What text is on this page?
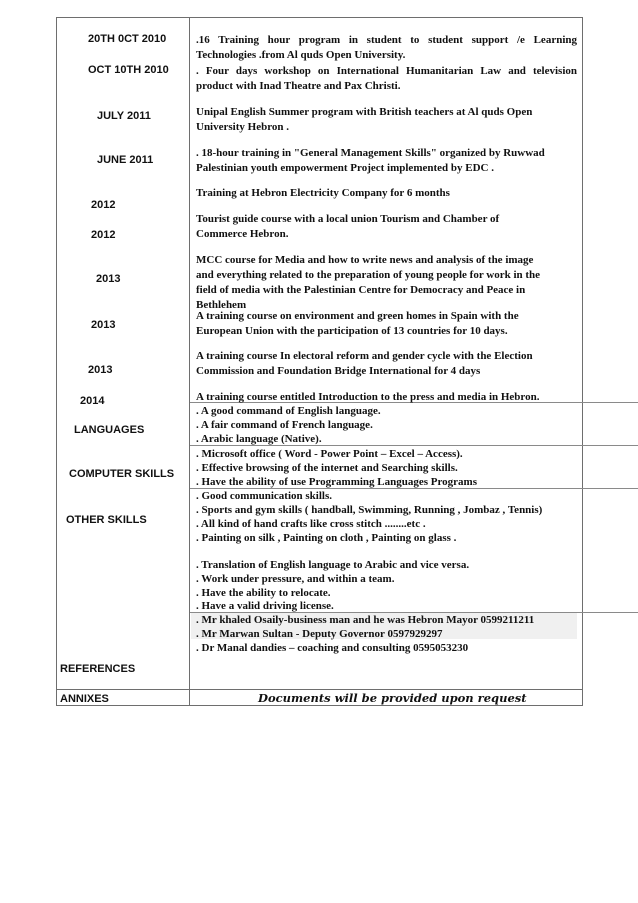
20TH 0CT 2010
OCT 10TH 2010
JULY 2011
JUNE 2011
2012
2012
2013
2013
2013
2014
.16 Training hour program in student to student support /e Learning
Technologies .from Al quds Open University.
. Four days workshop on International Humanitarian Law and television
product with Inad Theatre and Pax Christi.
Unipal English Summer program with British teachers at Al quds Open
University Hebron .
. 18-hour training in "General Management Skills" organized by Ruwwad
Palestinian youth empowerment Project implemented by EDC .
Training at Hebron Electricity Company for 6 months
Tourist guide course with a local union Tourism and Chamber of
Commerce Hebron.
MCC course for Media and how to write news and analysis of the image
and everything related to the preparation of young people for work in the
field of media with the Palestinian Centre for Democracy and Peace in
Bethlehem
A training course on environment and green homes in Spain with the
European Union with the participation of 13 countries for 10 days.
A training course In electoral reform and gender cycle with the Election
Commission and Foundation Bridge International for 4 days
A training course entitled Introduction to the press and media in Hebron.
LANGUAGES
. A good command of English language.
. A fair command of French language.
. Arabic language (Native).
COMPUTER SKILLS
. Microsoft office ( Word - Power Point – Excel – Access).
. Effective browsing of the internet and Searching skills.
. Have the ability of use Programming Languages Programs
OTHER SKILLS
. Good communication skills.
. Sports and gym skills ( handball, Swimming, Running , Jombaz , Tennis)
. All kind of hand crafts like cross stitch ........etc .
. Painting on silk , Painting on cloth , Painting on glass .
. Translation of English language to Arabic and vice versa.
. Work under pressure, and within a team.
. Have the ability to relocate.
. Have a valid driving license.
REFERENCES
. Mr khaled Osaily-business man and he was Hebron Mayor 0599211211
. Mr Marwan Sultan - Deputy Governor 0597929297
. Dr Manal dandies – coaching and consulting 0595053230
ANNIXES	Documents will be provided upon request
